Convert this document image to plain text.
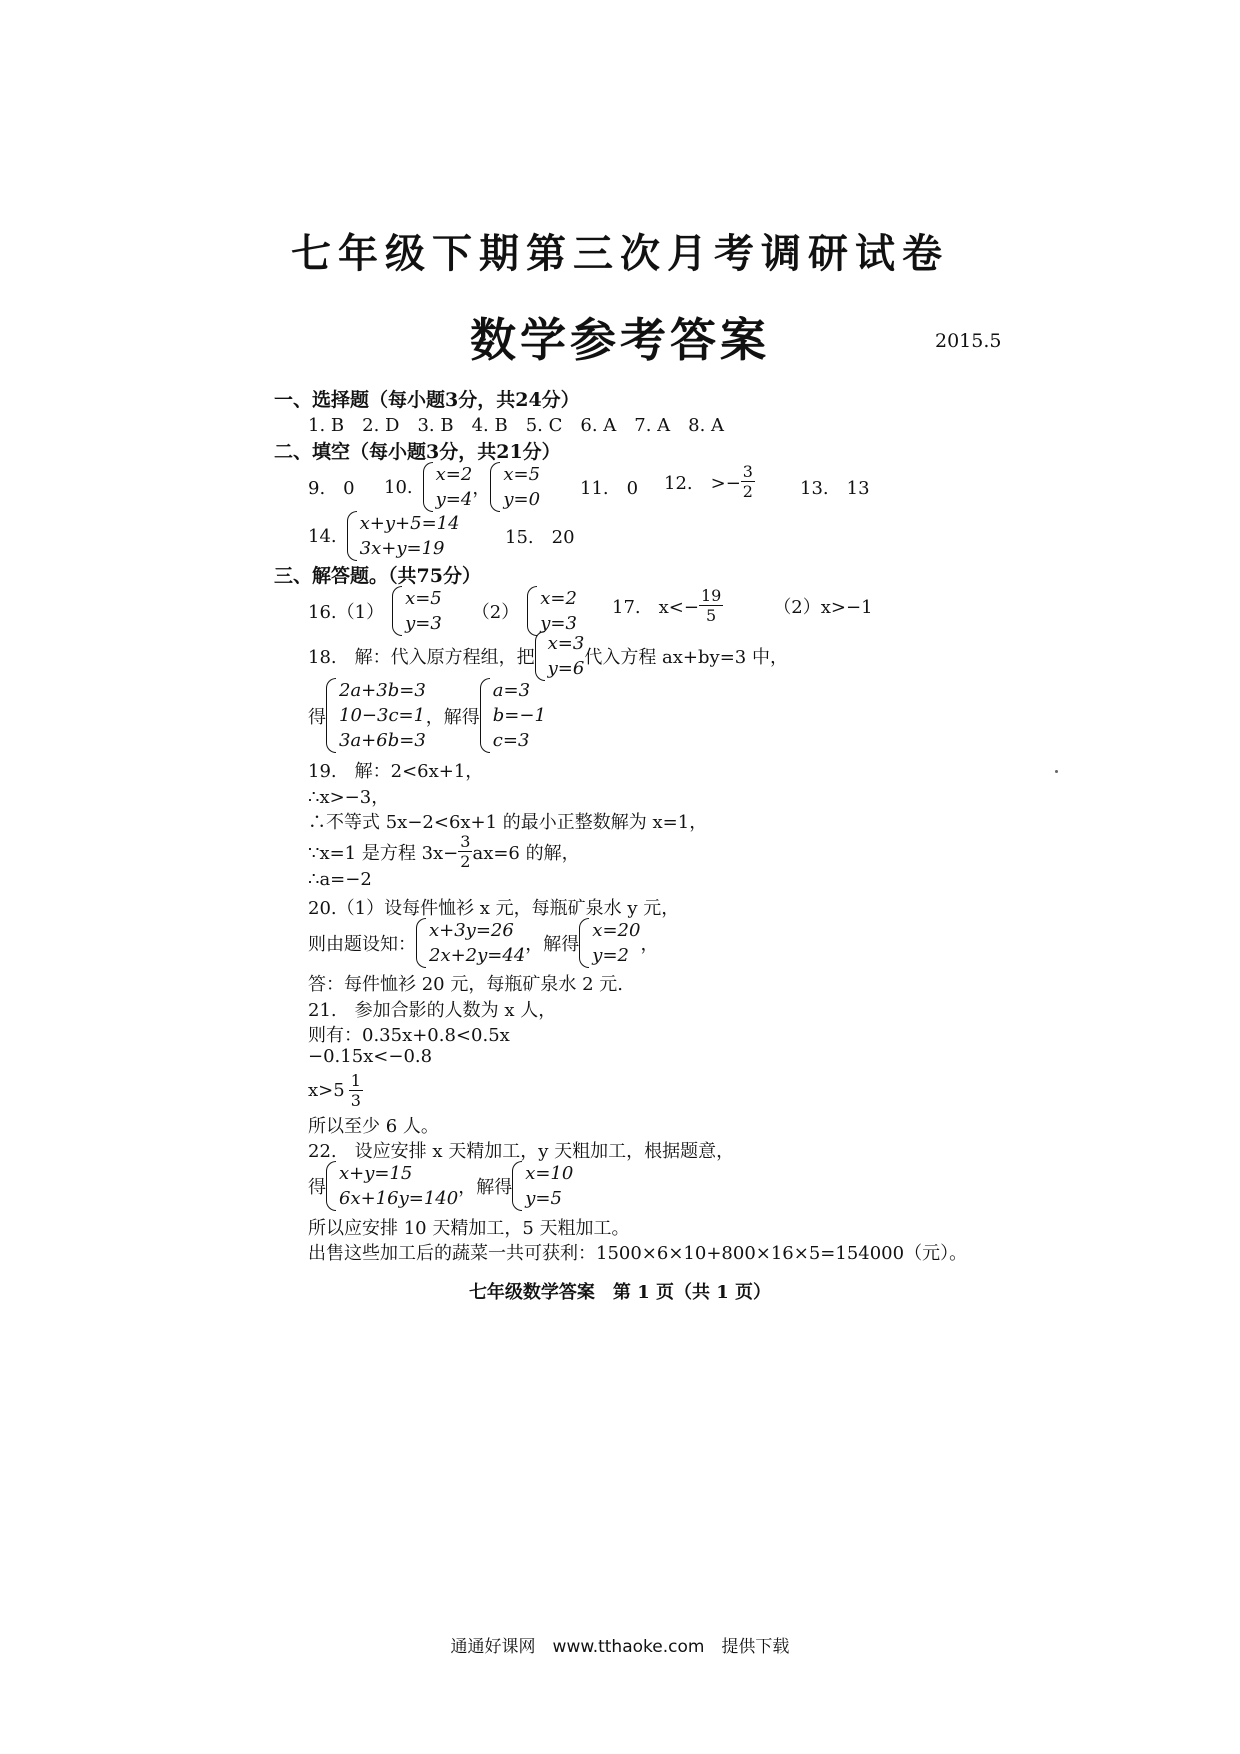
七年级下期第三次月考调研试卷
数学参考答案	2015.5
一、选择题（每小题3分，共24分）
1. B　2. D　3. B　4. B　5. C　6. A　7. A　8. A
二、填空（每小题3分，共21分）
9.　0 10.
x=2
y=4
，
x=5
y=0
11.　0 12.　>− $\frac{3}{2}$	13.　13
14.
x+y+5=14
3x+y=19
15.　20
三、解答题。（共75分）
16.（1）
x=5
y=3
（2）
x=2
y=3
17.　$x<- \frac{19}{5}$	（2）x>−1
18.　解：代入原方程组，把
x=3
y=6
代入方程 ax+by=3 中，
得
2a+3b=3
10−3c=1
3a+6b=3
，解得
a=3
b=−1
c=3
19.　解：2<6x+1，
∴x>−3，
∴不等式 5x−2<6x+1 的最小正整数解为 x=1，
∵x=1 是方程 $3x- \frac{3}{2} ax=6$ 的解，
∴a=−2
20.（1）设每件恤衫 x 元，每瓶矿泉水 y 元，
则由题设知：
x+3y=26
2x+2y=44
，解得
x=20
y=2
，
答：每件恤衫 20 元，每瓶矿泉水 2 元.
21.　参加合影的人数为 x 人，
则有：0.35x+0.8<0.5x
−0.15x<−0.8
$x>5 \frac{1}{3}$
所以至少 6 人。
22.　设应安排 x 天精加工，y 天粗加工，根据题意，
得
x+y=15
6x+16y=140
，解得
x=10
y=5
所以应安排 10 天精加工，5 天粗加工。
出售这些加工后的蔬菜一共可获利：1500×6×10+800×16×5=154000（元）。
七年级数学答案　第 1 页（共 1 页）
通通好课网　www.tthaoke.com　提供下载
